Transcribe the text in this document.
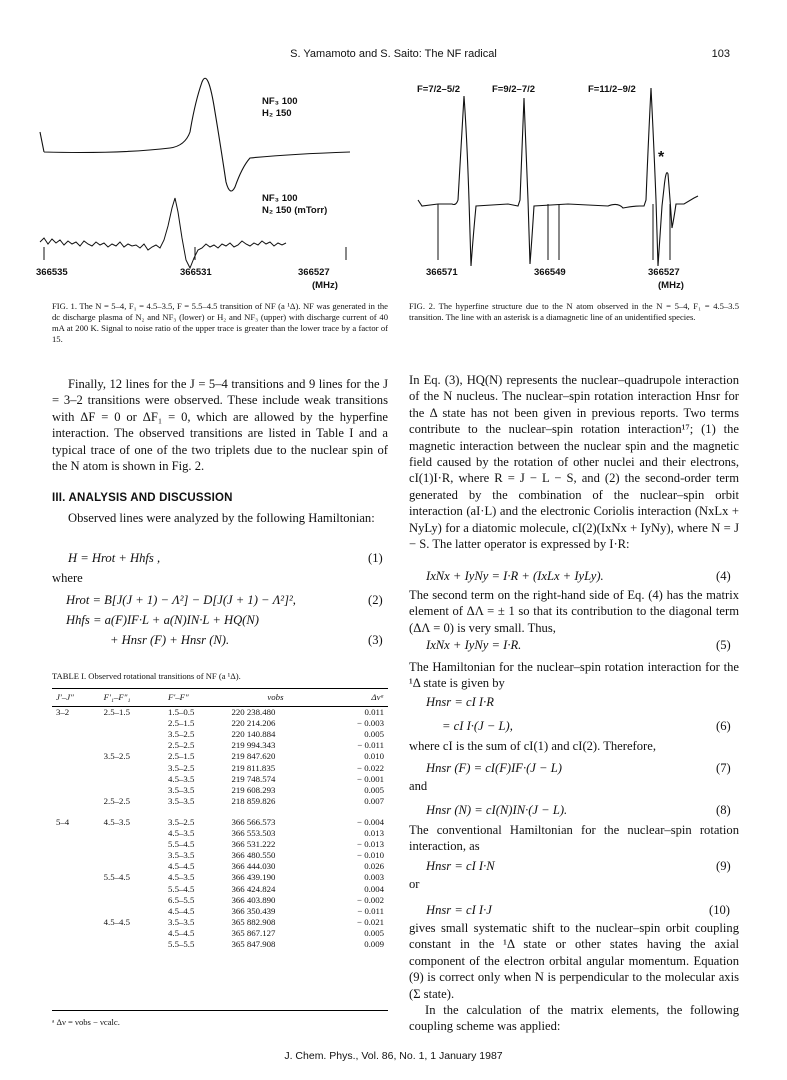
S. Yamamoto and S. Saito: The NF radical	103
NF₃ 100
H₂ 150
NF₃ 100
N₂ 150 (mTorr)
366535	366531	366527
(MHz)
FIG. 1. The N = 5–4, F₁ = 4.5–3.5, F = 5.5–4.5 transition of NF (a ¹Δ). NF was generated in the dc discharge plasma of N₂ and NF₃ (lower) or H₂ and NF₃ (upper) with discharge current of 40 mA at 200 K. Signal to noise ratio of the upper trace is greater than the lower trace by a factor of 15.
F=7/2–5/2	F=9/2–7/2	F=11/2–9/2
*
366571	366549	366527
(MHz)
FIG. 2. The hyperfine structure due to the N atom observed in the N = 5–4, F₁ = 4.5–3.5 transition. The line with an asterisk is a diamagnetic line of an unidentified species.
Finally, 12 lines for the J = 5–4 transitions and 9 lines for the J = 3–2 transitions were observed. These include weak transitions with ΔF = 0 or ΔF₁ = 0, which are allowed by the hyperfine interaction. The observed transitions are listed in Table I and a typical trace of one of the two triplets due to the nuclear spin of the N atom is shown in Fig. 2.
III. ANALYSIS AND DISCUSSION
Observed lines were analyzed by the following Hamiltonian:
H = Hrot + Hhfs ,	(1)
where
Hrot = B[J(J + 1) − Λ²] − D[J(J + 1) − Λ²]²,	(2)
Hhfs = a(F)IF·L + a(N)IN·L + HQ(N)
+ Hnsr (F) + Hnsr (N).	(3)
TABLE I. Observed rotational transitions of NF (a ¹Δ).
J′–J″	F′₁–F″₁	F′–F″	νobs	Δνᵃ
3–2	2.5–1.5	1.5–0.5	220 238.480	0.011
		2.5–1.5	220 214.206	− 0.003
		3.5–2.5	220 140.884	0.005
		2.5–2.5	219 994.343	− 0.011
	3.5–2.5	2.5–1.5	219 847.620	0.010
		3.5–2.5	219 811.835	− 0.022
		4.5–3.5	219 748.574	− 0.001
		3.5–3.5	219 608.293	0.005
	2.5–2.5	3.5–3.5	218 859.826	0.007

5–4	4.5–3.5	3.5–2.5	366 566.573	− 0.004
		4.5–3.5	366 553.503	0.013
		5.5–4.5	366 531.222	− 0.013
		3.5–3.5	366 480.550	− 0.010
		4.5–4.5	366 444.030	0.026
	5.5–4.5	4.5–3.5	366 439.190	0.003
		5.5–4.5	366 424.824	0.004
		6.5–5.5	366 403.890	− 0.002
		4.5–4.5	366 350.439	− 0.011
	4.5–4.5	3.5–3.5	365 882.908	− 0.021
		4.5–4.5	365 867.127	0.005
		5.5–5.5	365 847.908	0.009
ᵃ Δν = νobs − νcalc.
In Eq. (3), HQ(N) represents the nuclear–quadrupole interaction of the N nucleus. The nuclear–spin rotation interaction Hnsr for the Δ state has not been given in previous reports. Two terms contribute to the nuclear–spin rotation interaction¹⁷; (1) the magnetic interaction between the nuclear spin and the magnetic field caused by the rotation of other nuclei and their electrons, cI(1)I·R, where R = J − L − S, and (2) the second-order term generated by the combination of the nuclear–spin orbit interaction (aI·L) and the electronic Coriolis interaction (NxLx + NyLy) for a diatomic molecule, cI(2)(IxNx + IyNy), where N = J − S. The latter operator is expressed by I·R:
IxNx + IyNy = I·R + (IxLx + IyLy).	(4)
The second term on the right-hand side of Eq. (4) has the matrix element of ΔΛ = ± 1 so that its contribution to the diagonal term (ΔΛ = 0) is very small. Thus,
IxNx + IyNy = I·R.	(5)
The Hamiltonian for the nuclear–spin rotation interaction for the ¹Δ state is given by
Hnsr = cI I·R
= cI I·(J − L),	(6)
where cI is the sum of cI(1) and cI(2). Therefore,
Hnsr (F) = cI(F)IF·(J − L)	(7)
and
Hnsr (N) = cI(N)IN·(J − L).	(8)
The conventional Hamiltonian for the nuclear–spin rotation interaction, as
Hnsr = cI I·N	(9)
or
Hnsr = cI I·J	(10)
gives small systematic shift to the nuclear–spin orbit coupling constant in the ¹Δ state or other states having the axial component of the electron orbital angular momentum. Equation (9) is correct only when N is perpendicular to the molecular axis (Σ state).
In the calculation of the matrix elements, the following coupling scheme was applied:
J. Chem. Phys., Vol. 86, No. 1, 1 January 1987
